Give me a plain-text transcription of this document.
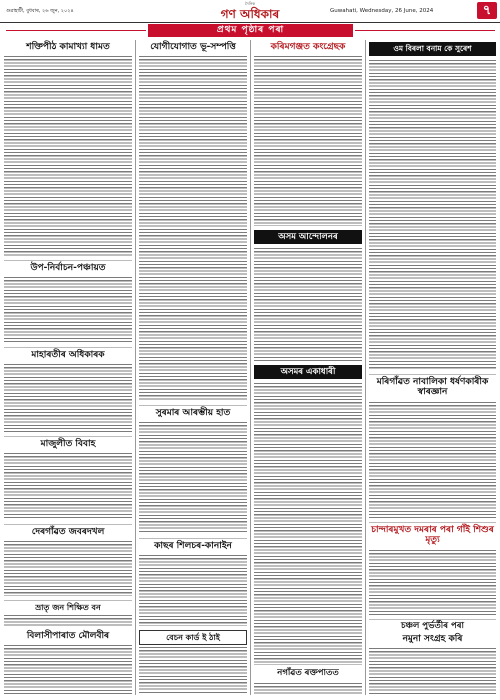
গুৱাহাটী, বুধবাৰ, ২৬ জুন, ২০২৪
দৈনিক
গণ অধিকাৰ	Guwahati, Wednesday, 26 June, 2024	৭
প্ৰথম পৃষ্ঠাৰ পৰা
শক্তিপীঠ কামাখ্যা ধামত
উপ-নিৰ্বাচন-পঞ্চায়ত
মাহাৰতীৰ অধিকাৰক
মাজুলীত বিবাহ
দেৰগাঁৱত জবৰদখল
ভ্ৰাতৃ জন শিক্ষিত বন
বিলাসীপাৰাত মৌলবীৰ
যোগীযোগাত ভূ-সম্পত্তি
সুৰমাৰ আৰম্ভীয় হাত
কাছৰ শিলচৰ-কানাইন
বেচন কাৰ্ড ই ঠাই
কৰিমগঞ্জত কংগ্ৰেছক
অসম আন্দোলনৰ
অসমৰ একাধাৰী
নগাঁৱত ৰক্তপাতত
ওম বিৰলা বনাম কে সুৰেশ
মৰিগাঁৱত নাবালিকা ধৰ্ষণকাৰীক স্বাৰজ্ঞান
চান্দাৰমুখত দমৰাৰ পৰা গাঁই শিশুৰ মৃত্যু
চঞ্চল পুৰ্ভৰ্তীৰ পৰা
নমুনা সংগ্ৰহ কৰি
